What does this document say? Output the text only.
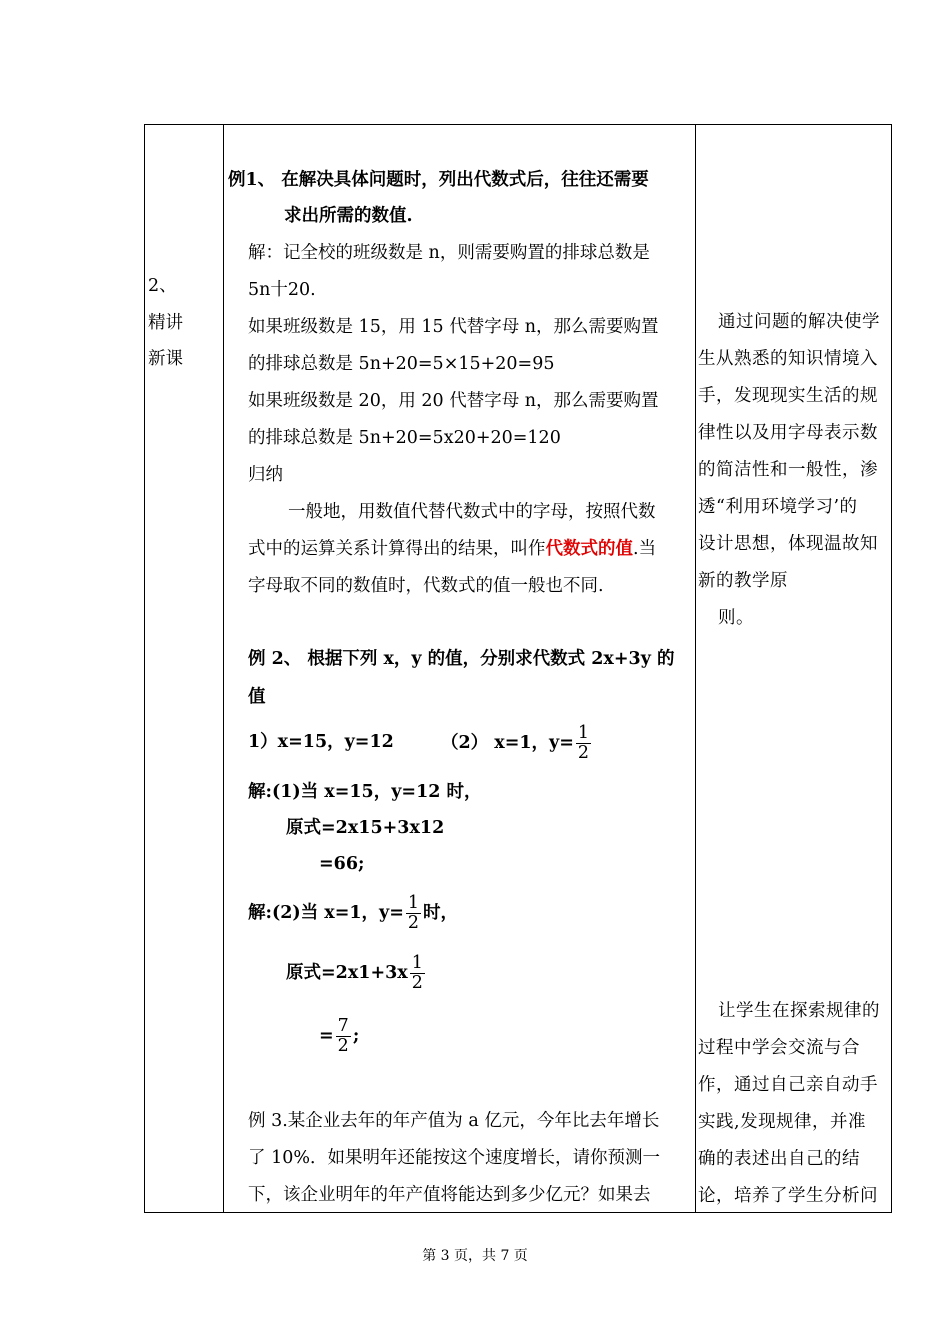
2、
精讲
新课
例1、 在解决具体问题时，列出代数式后，往往还需要
求出所需的数值.
解：记全校的班级数是 n，则需要购置的排球总数是
5n十20.
如果班级数是 15，用 15 代替字母 n，那么需要购置
的排球总数是 5n+20=5×15+20=95
如果班级数是 20，用 20 代替字母 n，那么需要购置
的排球总数是 5n+20=5x20+20=120
归纳
一般地，用数值代替代数式中的字母，按照代数
式中的运算关系计算得出的结果，叫作代数式的值.当
字母取不同的数值时，代数式的值一般也不同.
例 2、 根据下列 x，y 的值，分别求代数式 2x+3y 的
值
1）x=15，y=12	（2） x=1，$y= \frac{1}{2}$
解:(1)当 x=15，y=12 时，
原式=2x15+3x12
=66;
解:(2)当 x=1，$y= \frac{1}{2}$ 时，
原式$=2x1+3x \frac{1}{2}$
= $\frac{7}{2}$ ;
例 3.某企业去年的年产值为 a 亿元，今年比去年增长
了 10%．如果明年还能按这个速度增长，请你预测一
下，该企业明年的年产值将能达到多少亿元？如果去
通过问题的解决使学
生从熟悉的知识情境入
手，发现现实生活的规
律性以及用字母表示数
的简洁性和一般性，渗
透“利用环境学习’的
设计思想，体现温故知
新的教学原
则。
让学生在探索规律的
过程中学会交流与合
作，通过自己亲自动手
实践,发现规律，并准
确的表述出自己的结
论，培养了学生分析问
第 3 页，共 7 页
